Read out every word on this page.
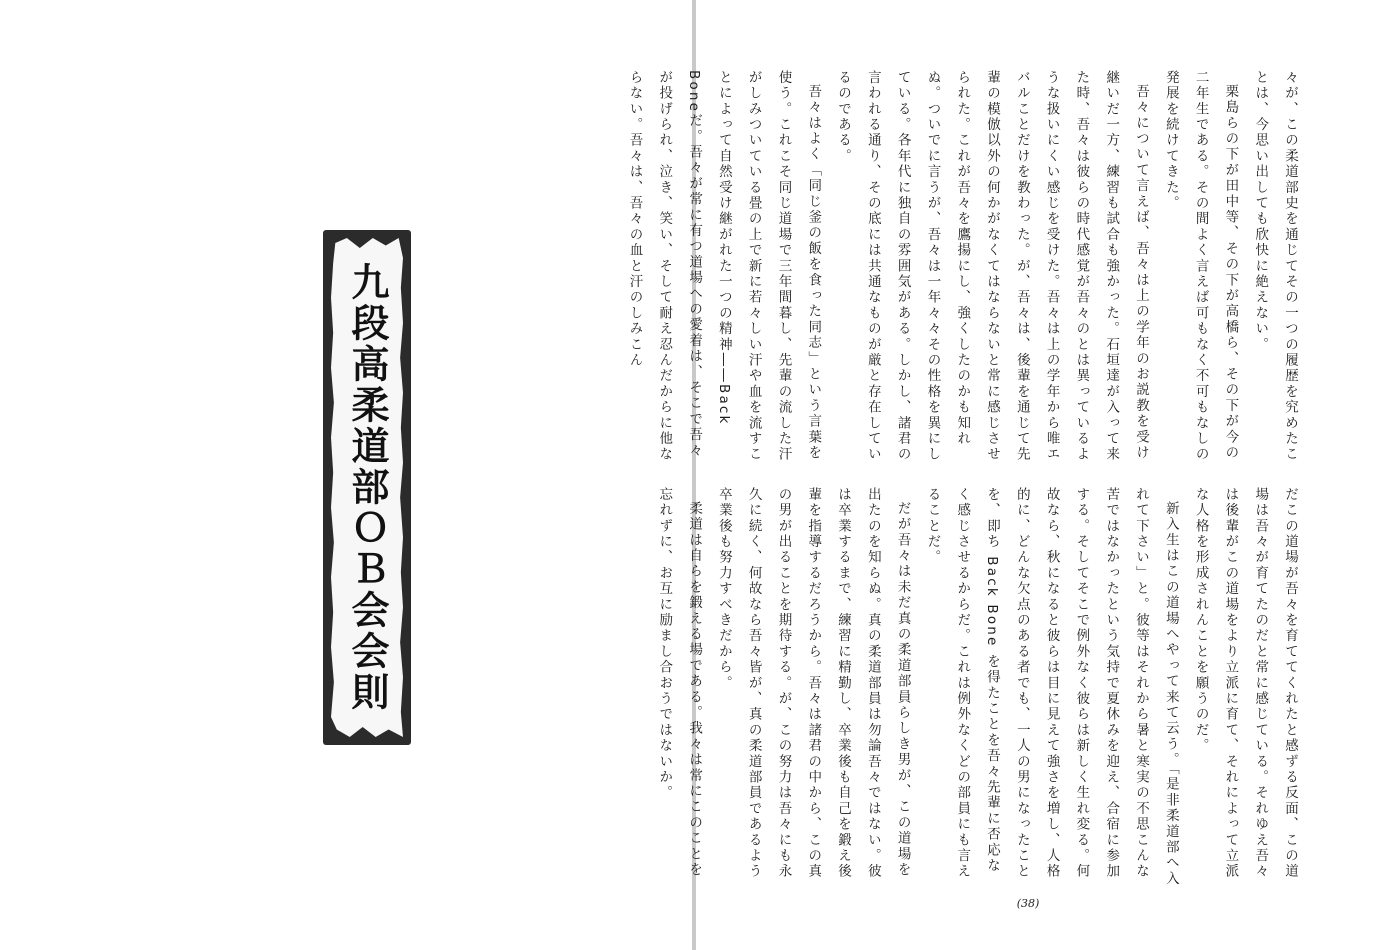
九段高柔道部ＯＢ会会則	々が、この柔道部史を通じてその一つの履歴を究めたことは、今思い出しても欣快に絶えない。

栗島らの下が田中等、その下が高橋ら、その下が今の二年生である。その間よく言えば可もなく不可もなしの発展を続けてきた。

吾々について言えば、吾々は上の学年のお説教を受け継いだ一方、練習も試合も強かった。石垣達が入って来た時、吾々は彼らの時代感覚が吾々のとは異っているような扱いにくい感じを受けた。吾々は上の学年から唯エバルことだけを教わった。が、吾々は、後輩を通じて先輩の模倣以外の何かがなくてはならないと常に感じさせられた。これが吾々を鷹揚にし、強くしたのかも知れぬ。ついでに言うが、吾々は一年々々その性格を異にしている。各年代に独自の雰囲気がある。しかし、諸君の言われる通り、その底には共通なものが厳と存在しているのである。

吾々はよく「同じ釜の飯を食った同志」という言葉を使う。これこそ同じ道場で三年間暮し、先輩の流した汗がしみついている畳の上で新に若々しい汗や血を流すことによって自然受け継がれた一つの精神――Back Boneだ。吾々が常に有つ道場への愛着は、そこで吾々が投げられ、泣き、笑い、そして耐え忍んだからに他ならない。吾々は、吾々の血と汗のしみこん

だこの道場が吾々を育ててくれたと感ずる反面、この道場は吾々が育てたのだと常に感じている。それゆえ吾々は後輩がこの道場をより立派に育て、それによって立派な人格を形成されんことを願うのだ。

新入生はこの道場へやって来て云う。「是非柔道部へ入れて下さい」と。彼等はそれから暑と寒実の不思こんな苦ではなかったという気持で夏休みを迎え、合宿に参加する。そしてそこで例外なく彼らは新しく生れ変る。何故なら、秋になると彼らは目に見えて強さを増し、人格的に、どんな欠点のある者でも、一人の男になったことを、即ち Back Bone を得たことを吾々先輩に否応なく感じさせるからだ。これは例外なくどの部員にも言えることだ。

だが吾々は未だ真の柔道部員らしき男が、この道場を出たのを知らぬ。真の柔道部員は勿論吾々ではない。彼は卒業するまで、練習に精勤し、卒業後も自己を鍛え後輩を指導するだろうから。吾々は諸君の中から、この真の男が出ることを期待する。が、この努力は吾々にも永久に続く、何故なら吾々皆が、真の柔道部員であるよう卒業後も努力すべきだから。

柔道は自らを鍛える場である。我々は常にこのことを忘れずに、お互に励まし合おうではないか。

(38)
